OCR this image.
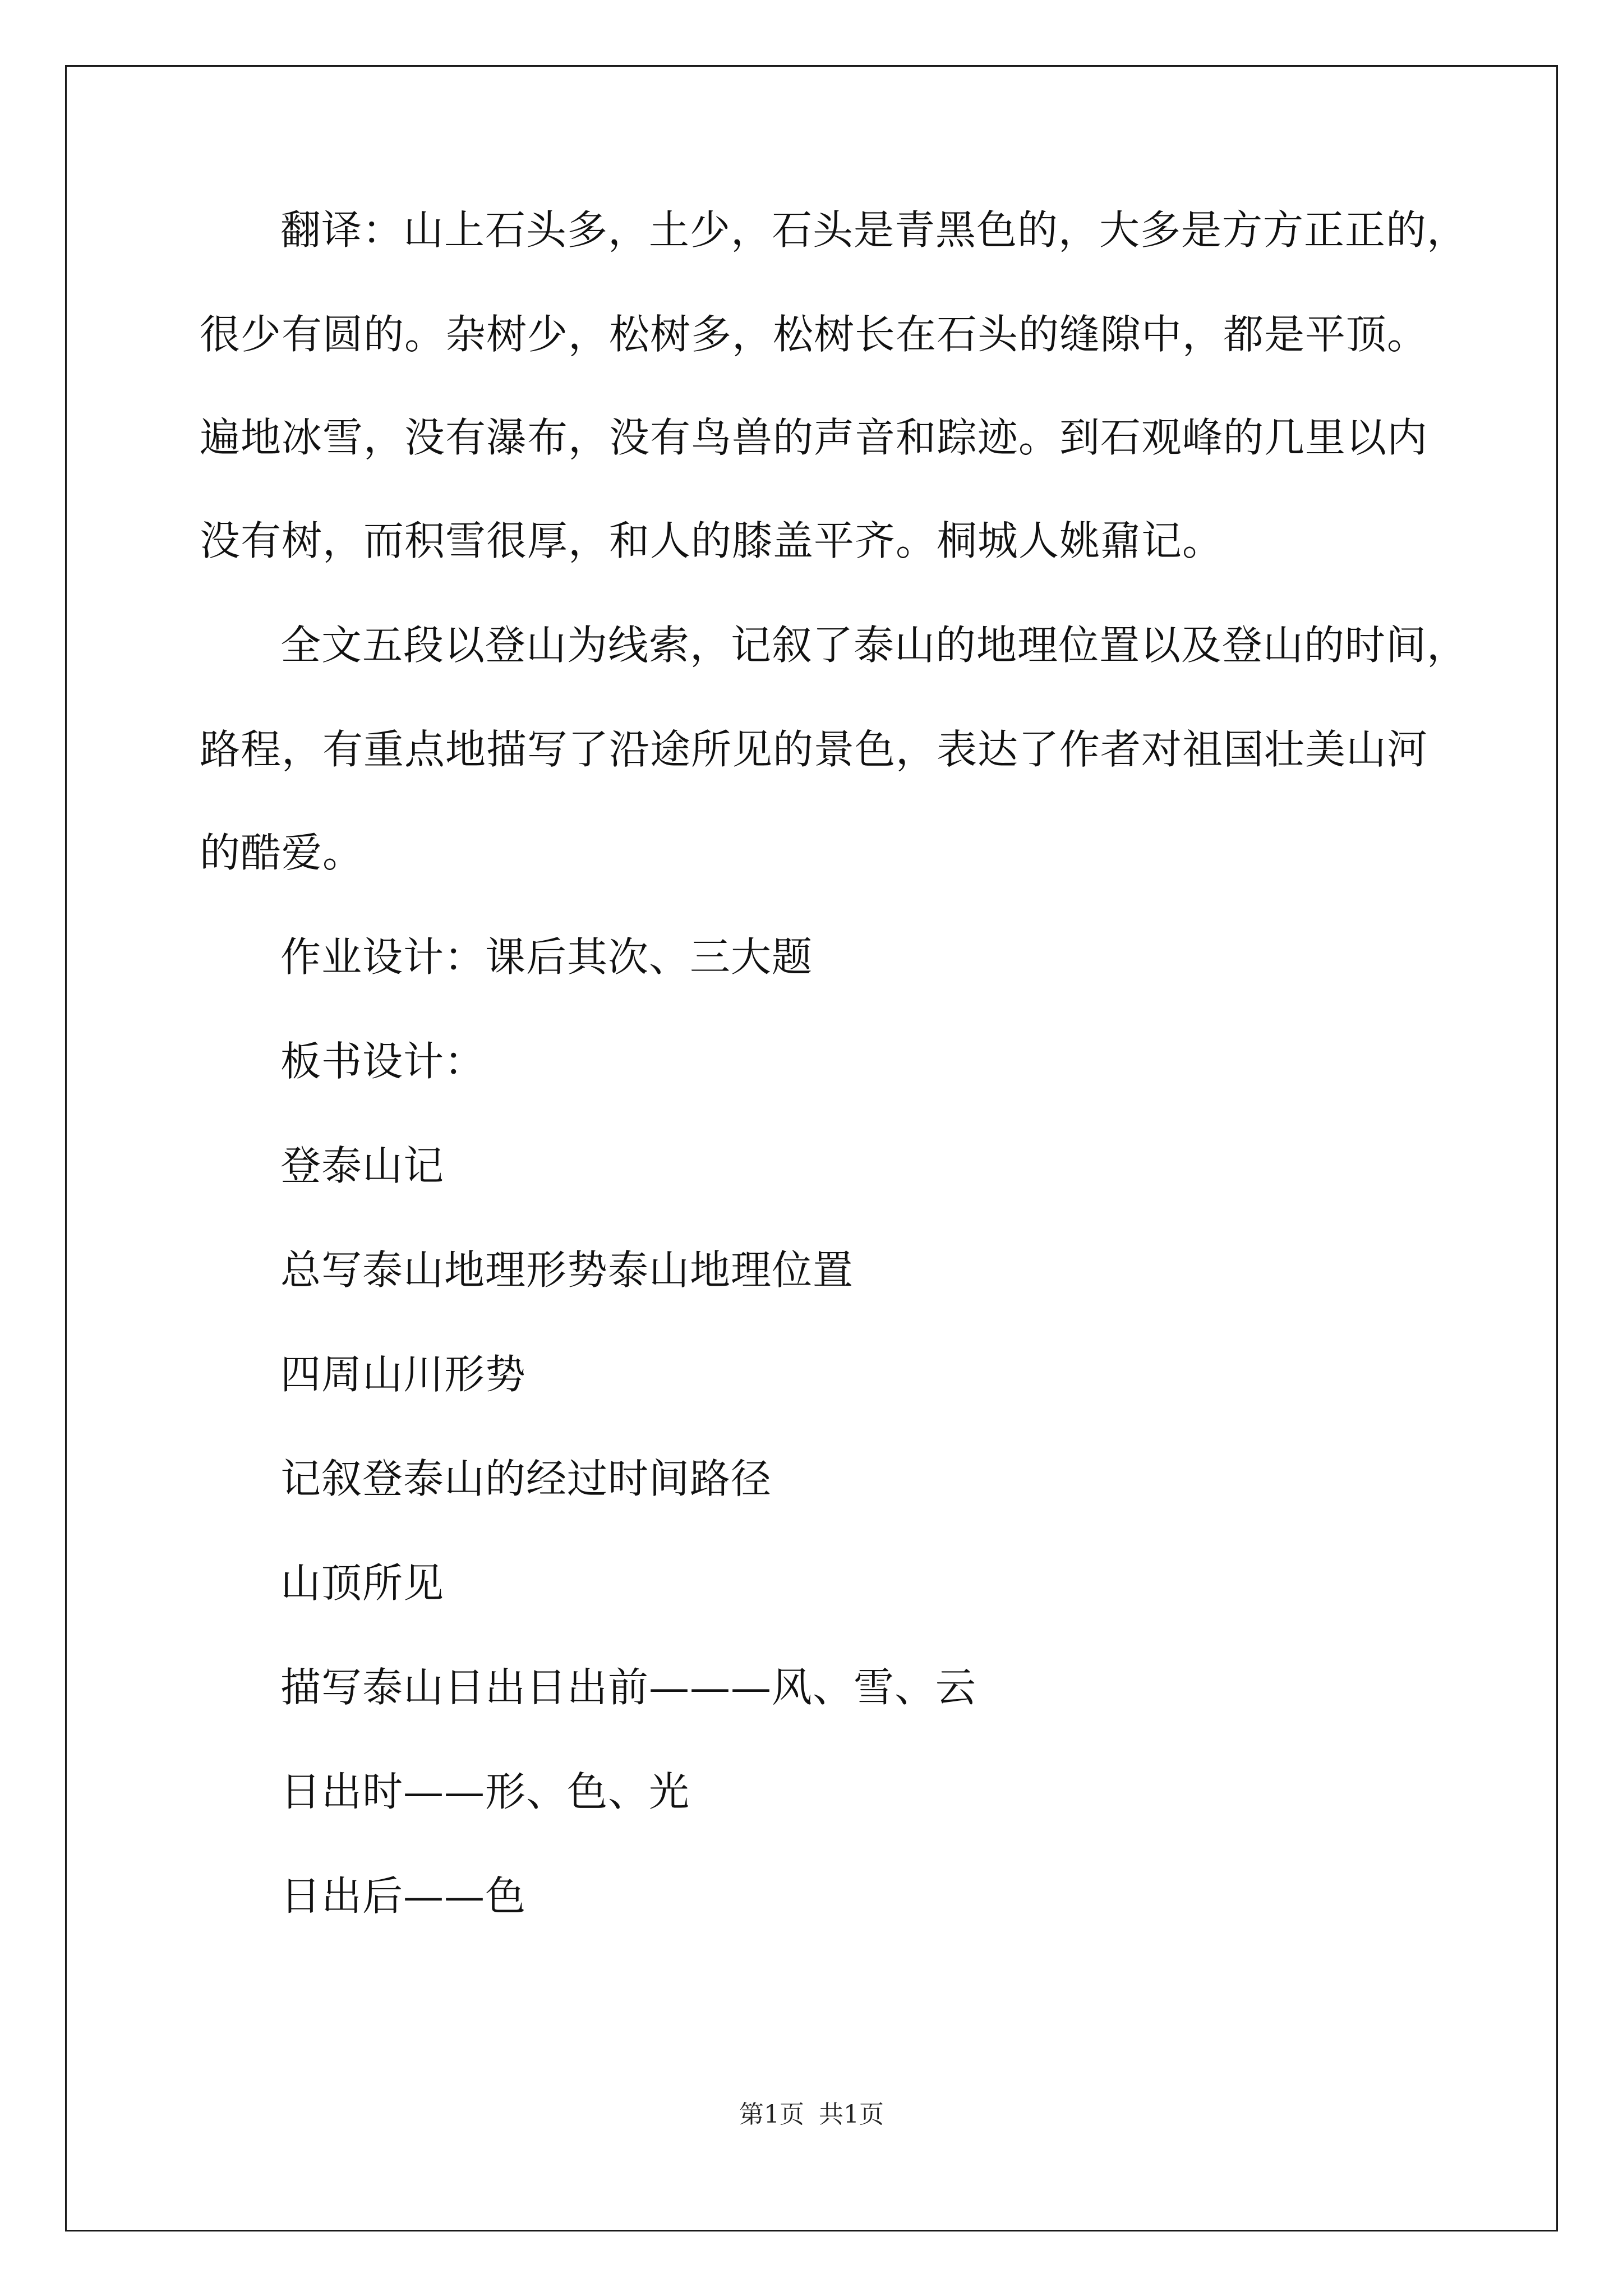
翻译：山上石头多，土少，石头是青黑色的，大多是方方正正的，
很少有圆的。杂树少，松树多，松树长在石头的缝隙中，都是平顶。
遍地冰雪，没有瀑布，没有鸟兽的声音和踪迹。到石观峰的几里以内
没有树，而积雪很厚，和人的膝盖平齐。桐城人姚鼐记。
全文五段以登山为线索，记叙了泰山的地理位置以及登山的时间，
路程，有重点地描写了沿途所见的景色，表达了作者对祖国壮美山河
的酷爱。
作业设计：课后其次、三大题
板书设计：
登泰山记
总写泰山地理形势泰山地理位置
四周山川形势
记叙登泰山的经过时间路径
山顶所见
描写泰山日出日出前———风、雪、云
日出时——形、色、光
日出后——色
第1页 共1页
